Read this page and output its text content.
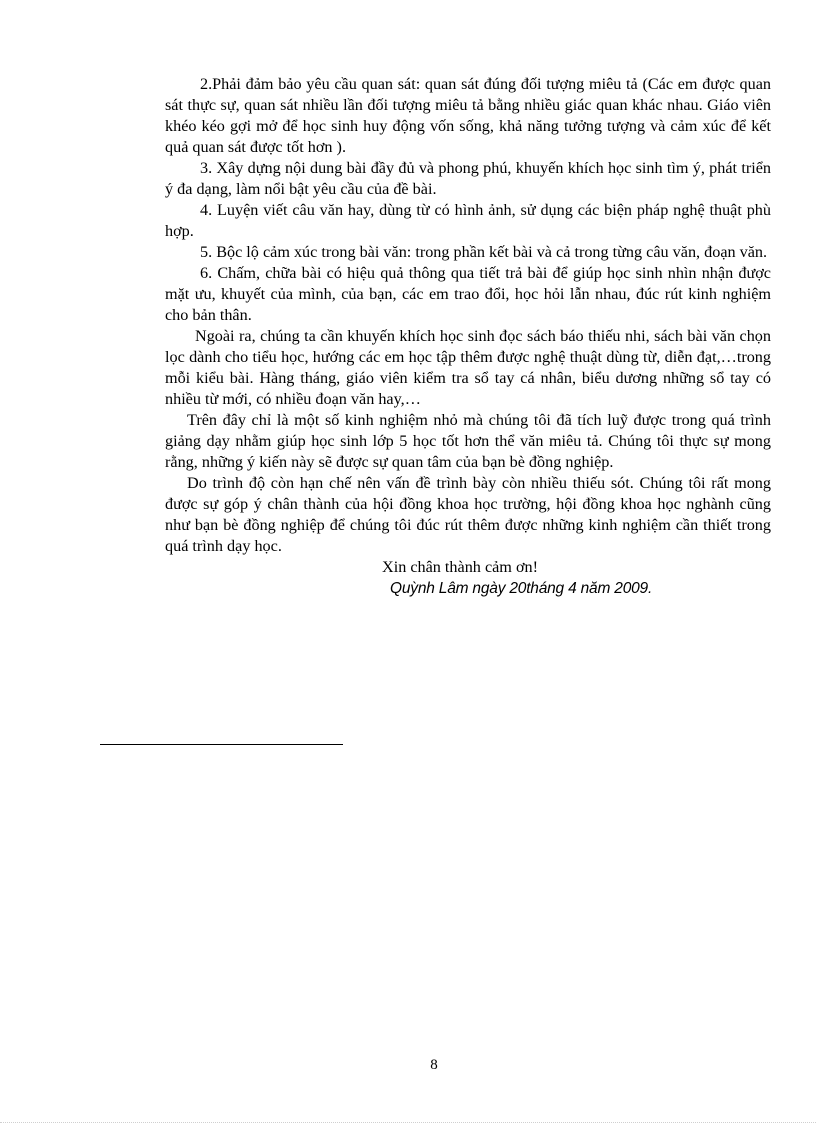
2.Phải đảm bảo yêu cầu quan sát: quan sát đúng đối tượng miêu tả (Các em được quan sát thực sự, quan sát nhiều lần đối tượng miêu tả bằng nhiều giác quan khác nhau. Giáo viên khéo kéo gợi mở để học sinh huy động vốn sống, khả năng tưởng tượng và cảm xúc để kết quả quan sát được tốt hơn ).

3. Xây dựng nội dung bài đầy đủ và phong phú, khuyến khích học sinh tìm ý, phát triển ý đa dạng, làm nổi bật yêu cầu của đề bài.

4. Luyện viết câu văn hay, dùng từ có hình ảnh, sử dụng các biện pháp nghệ thuật phù hợp.

5. Bộc lộ cảm xúc trong bài văn: trong phần kết bài và cả trong từng câu văn, đoạn văn.

6. Chấm, chữa bài có hiệu quả thông qua tiết trả bài để giúp học sinh nhìn nhận được mặt ưu, khuyết của mình, của bạn, các em trao đổi, học hỏi lẫn nhau, đúc rút kinh nghiệm cho bản thân.

Ngoài ra, chúng ta cần khuyến khích học sinh đọc sách báo thiếu nhi, sách bài văn chọn lọc dành cho tiểu học, hướng các em học tập thêm được nghệ thuật dùng từ, diễn đạt,…trong mỗi kiểu bài. Hàng tháng, giáo viên kiểm tra sổ tay cá nhân, biểu dương những sổ tay có nhiều từ mới, có nhiều đoạn văn hay,…

Trên đây chỉ là một số kinh nghiệm nhỏ mà chúng tôi đã tích luỹ được trong quá trình giảng dạy nhằm giúp học sinh lớp 5 học tốt hơn thể văn miêu tả. Chúng tôi thực sự mong rằng, những ý kiến này sẽ được sự quan tâm của bạn bè đồng nghiệp.

Do trình độ còn hạn chế nên vấn đề trình bày còn nhiều thiếu sót. Chúng tôi rất mong được sự góp ý chân thành của hội đồng khoa học trường, hội đồng khoa học nghành cũng như bạn bè đồng nghiệp để chúng tôi đúc rút thêm được những kinh nghiệm cần thiết trong quá trình dạy học.

Xin chân thành cảm ơn!

Quỳnh Lâm ngày 20tháng 4 năm 2009.

8
